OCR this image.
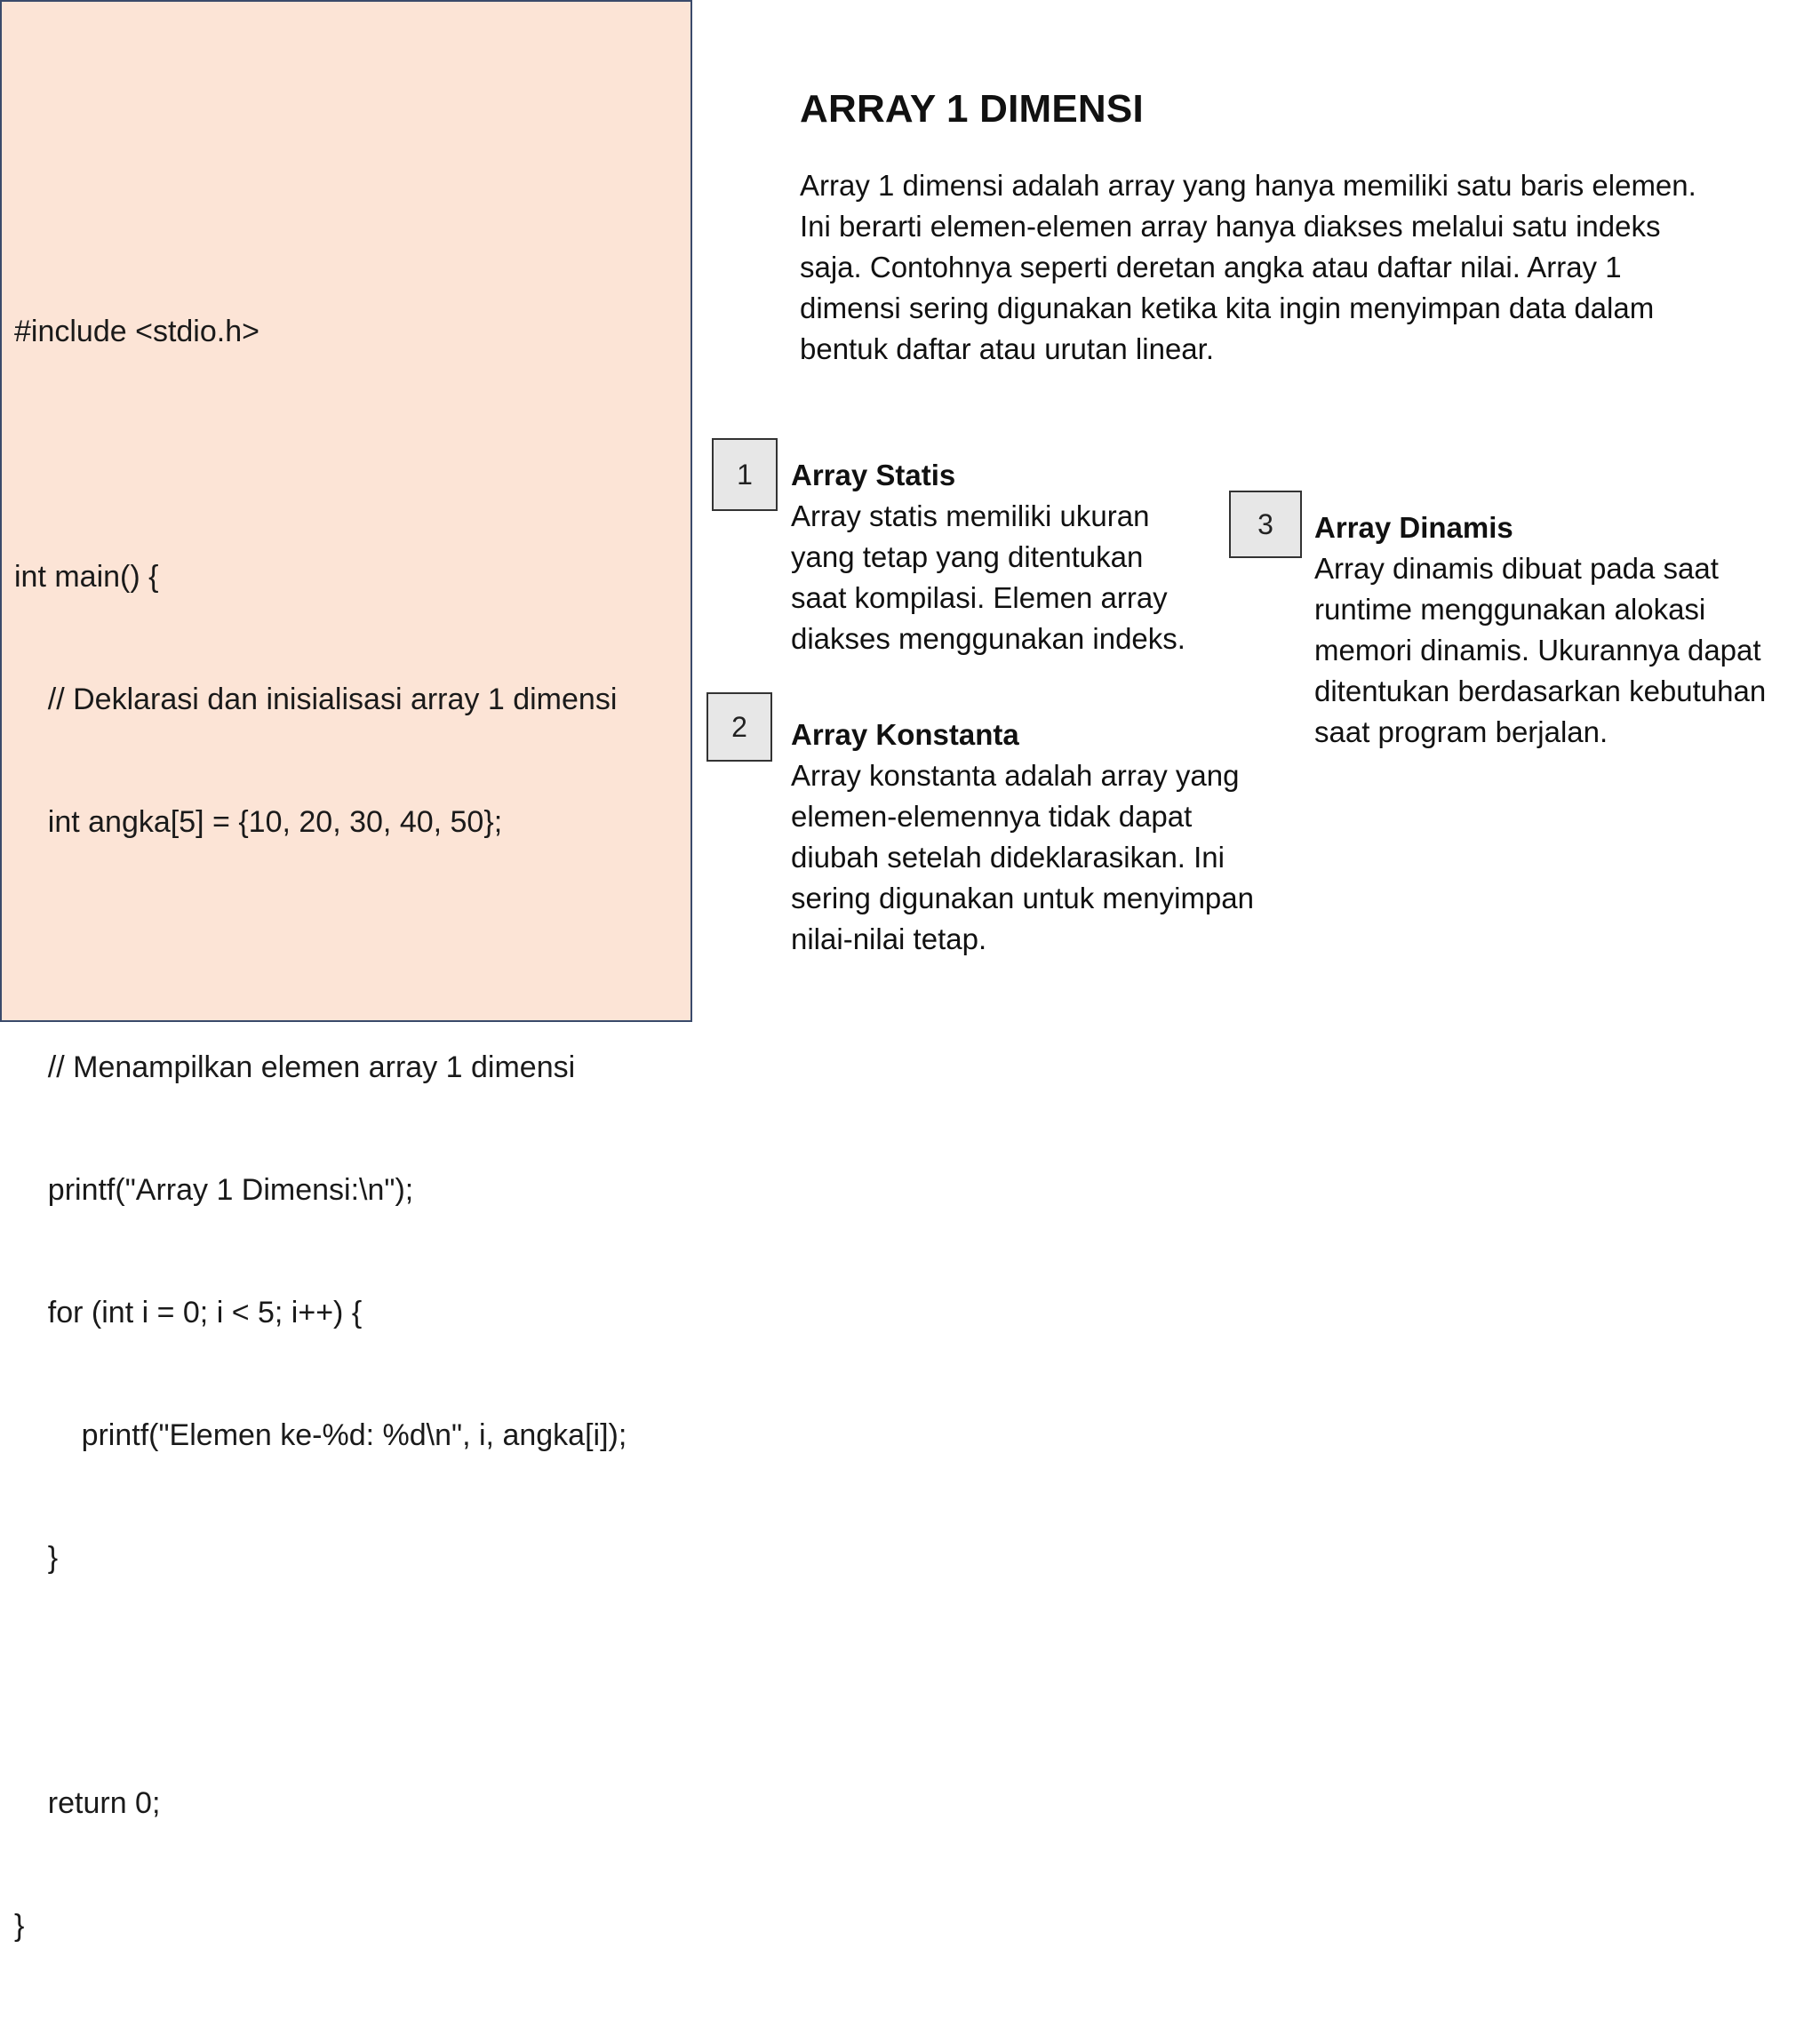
#include <stdio.h>

int main() {

// Deklarasi dan inisialisasi array 1 dimensi

int angka[5] = {10, 20, 30, 40, 50};

// Menampilkan elemen array 1 dimensi

printf("Array 1 Dimensi:\n");

for (int i = 0; i < 5; i++) {

printf("Elemen ke-%d: %d\n", i, angka[i]);

}

return 0;

}

ARRAY 1 DIMENSI
Array 1 dimensi adalah array yang hanya memiliki satu baris elemen. Ini berarti elemen-elemen array hanya diakses melalui satu indeks saja. Contohnya seperti deretan angka atau daftar nilai. Array 1 dimensi sering digunakan ketika kita ingin menyimpan data dalam bentuk daftar atau urutan linear.
1	Array Statis
Array statis memiliki ukuran
yang tetap yang ditentukan
saat kompilasi. Elemen array
diakses menggunakan indeks.
2	Array Konstanta
Array konstanta adalah array yang
elemen-elemennya tidak dapat
diubah setelah dideklarasikan. Ini
sering digunakan untuk menyimpan
nilai-nilai tetap.
3	Array Dinamis
Array dinamis dibuat pada saat
runtime menggunakan alokasi
memori dinamis. Ukurannya dapat
ditentukan berdasarkan kebutuhan
saat program berjalan.
